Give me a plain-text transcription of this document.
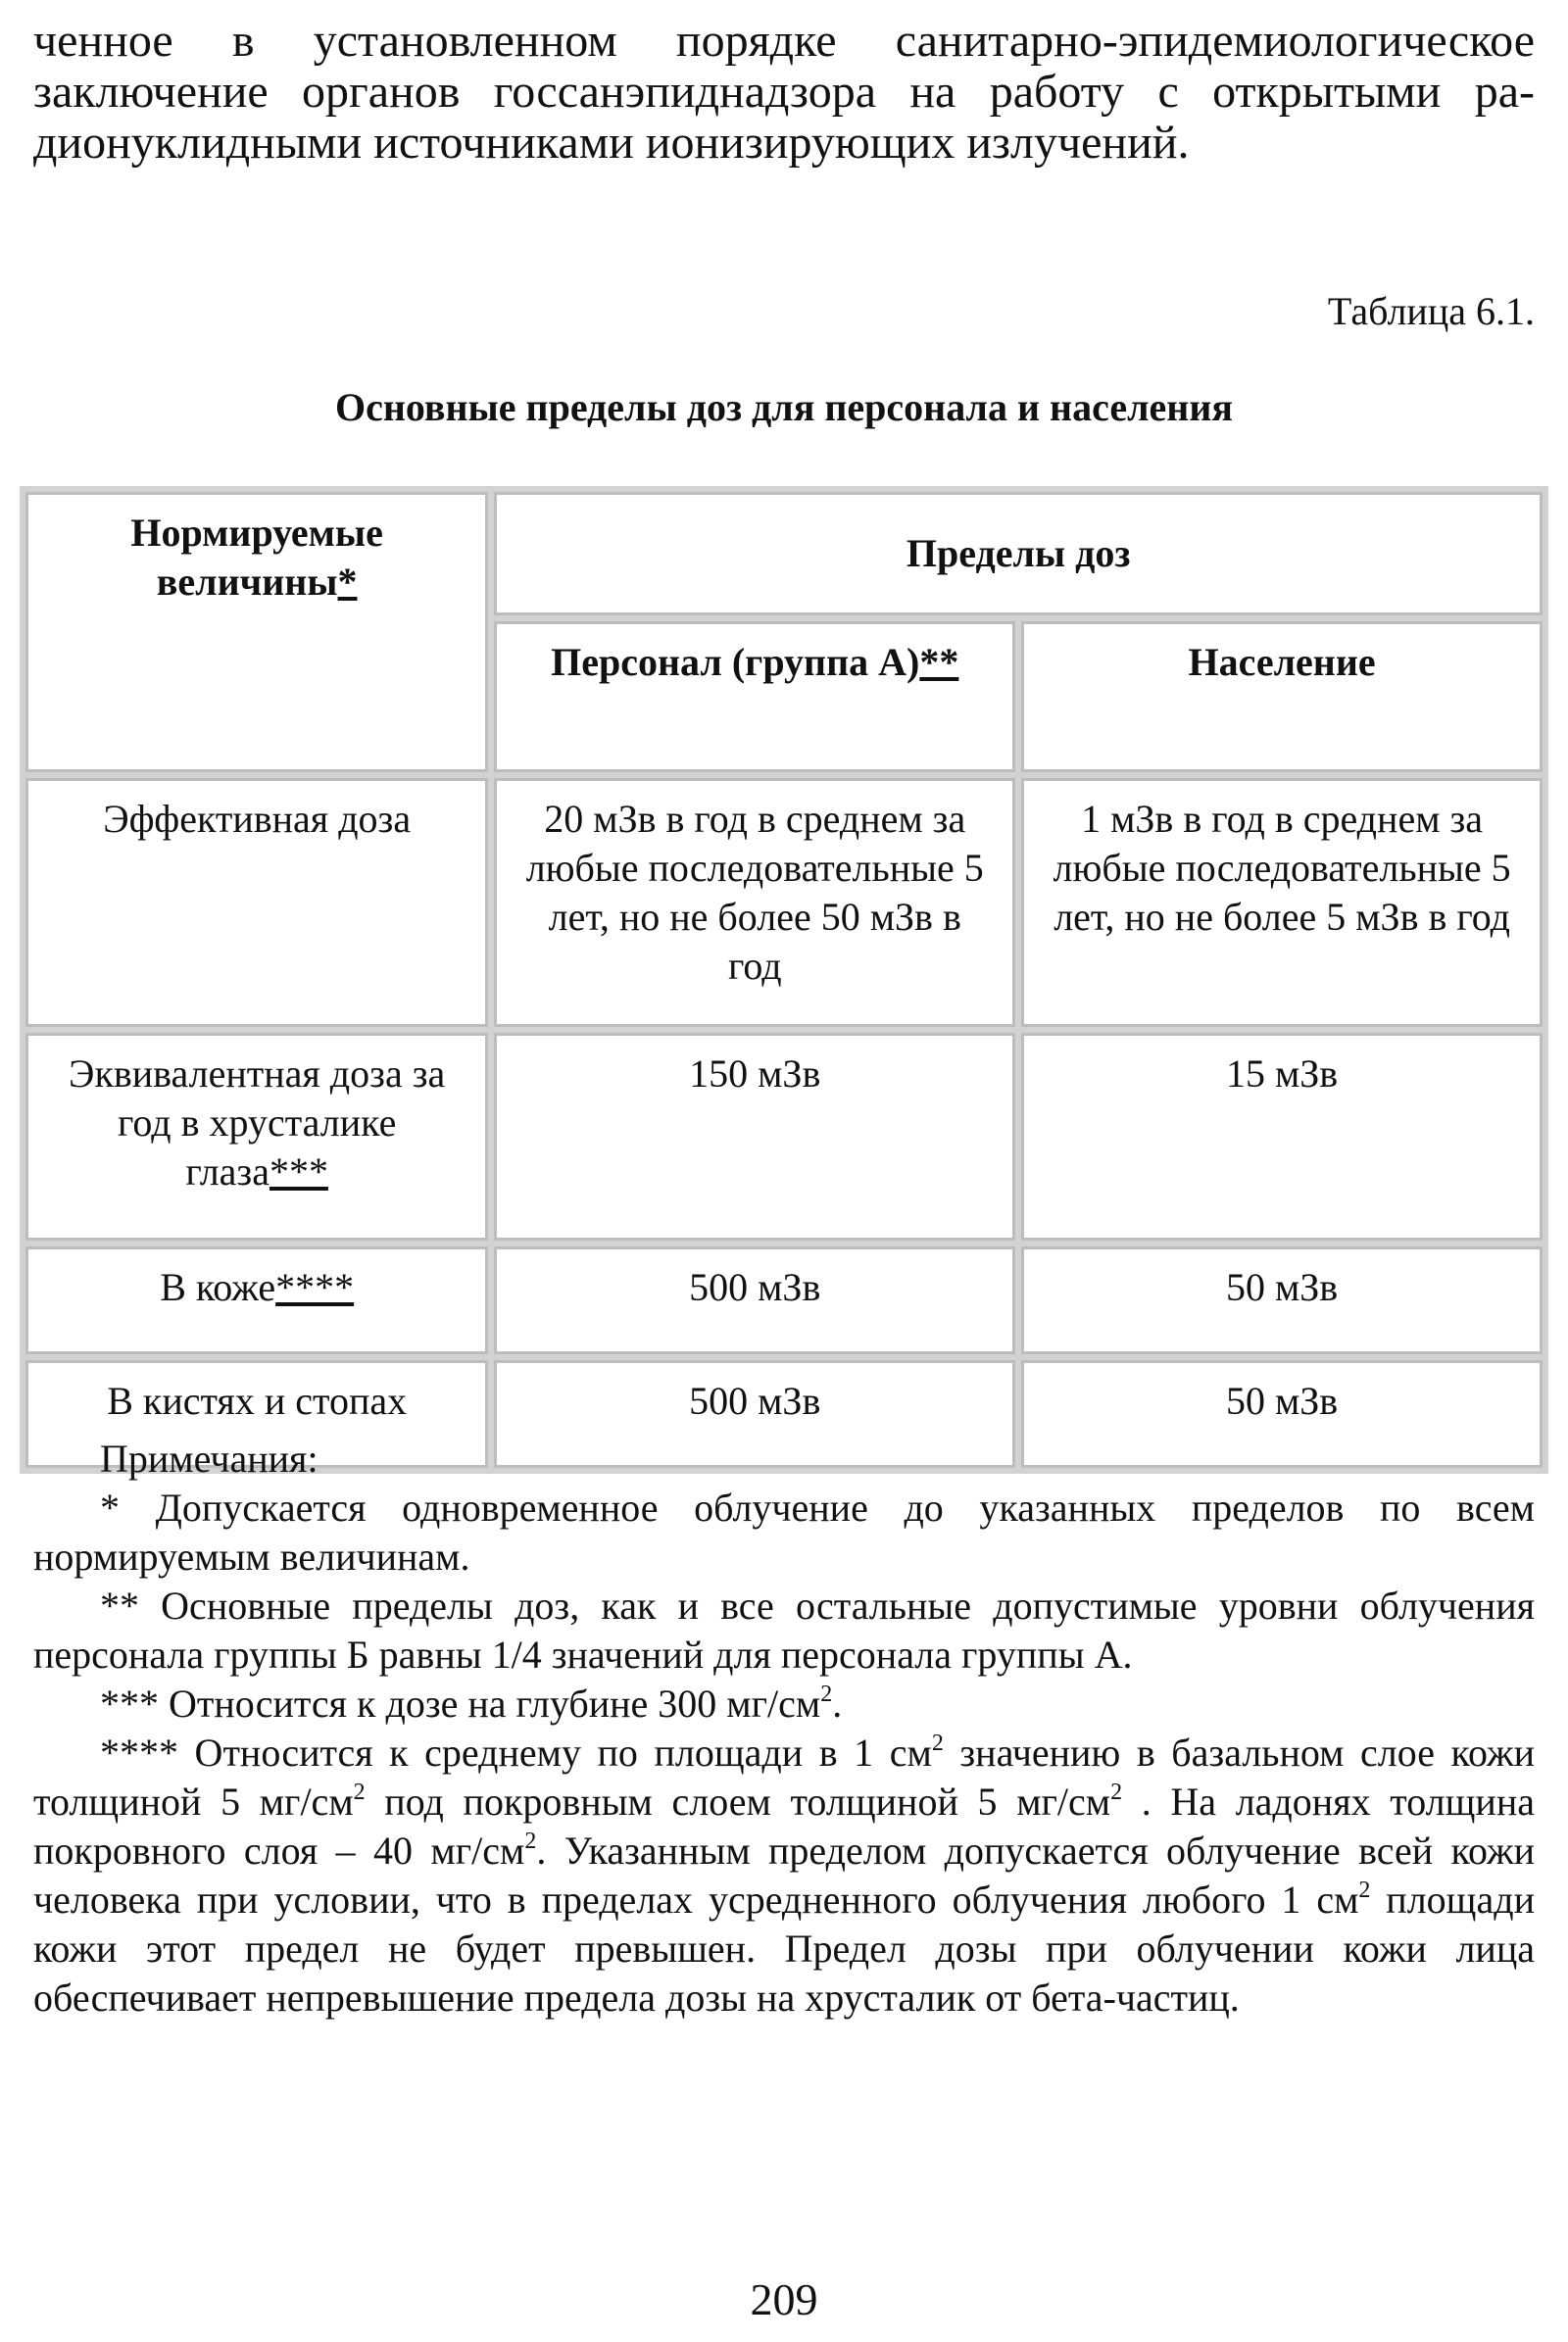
ченное в установленном порядке санитарно-эпидемиологическое
заключение органов госсанэпиднадзора на работу с открытыми ра-
дионуклидными источниками ионизирующих излучений.
Таблица 6.1.
Основные пределы доз для персонала и населения
Нормируемые величины*	Пределы доз	
	Персонал (группа А)**	Население
Эффективная доза	20 мЗв в год в среднем за любые последовательные 5 лет, но не более 50 мЗв в год	1 мЗв в год в среднем за любые последовательные 5 лет, но не более 5 мЗв в год
Эквивалентная доза за год в хрусталике глаза***	150 мЗв	15 мЗв
В коже****	500 мЗв	50 мЗв
В кистях и стопах	500 мЗв	50 мЗв

Примечания:

* Допускается одновременное облучение до указанных пределов по всем нормируемым величинам.

** Основные пределы доз, как и все остальные допустимые уровни облучения персонала группы Б равны 1/4 значений для персонала группы А.

*** Относится к дозе на глубине 300 $мг/см^2$.

**** Относится к среднему по площади в 1 $см^2$ значению в базальном слое кожи толщиной 5 $мг/см^2$ под покровным слоем толщиной 5 $мг/см^2$ . На ладонях толщина покровного слоя – 40 $мг/см^2$. Указанным пределом допускается облучение всей кожи человека при условии, что в пределах усредненного облучения любого 1 $см^2$ площади кожи этот предел не будет превышен. Предел дозы при облучении кожи лица обеспечивает непревышение предела дозы на хрусталик от бета-частиц.

209
